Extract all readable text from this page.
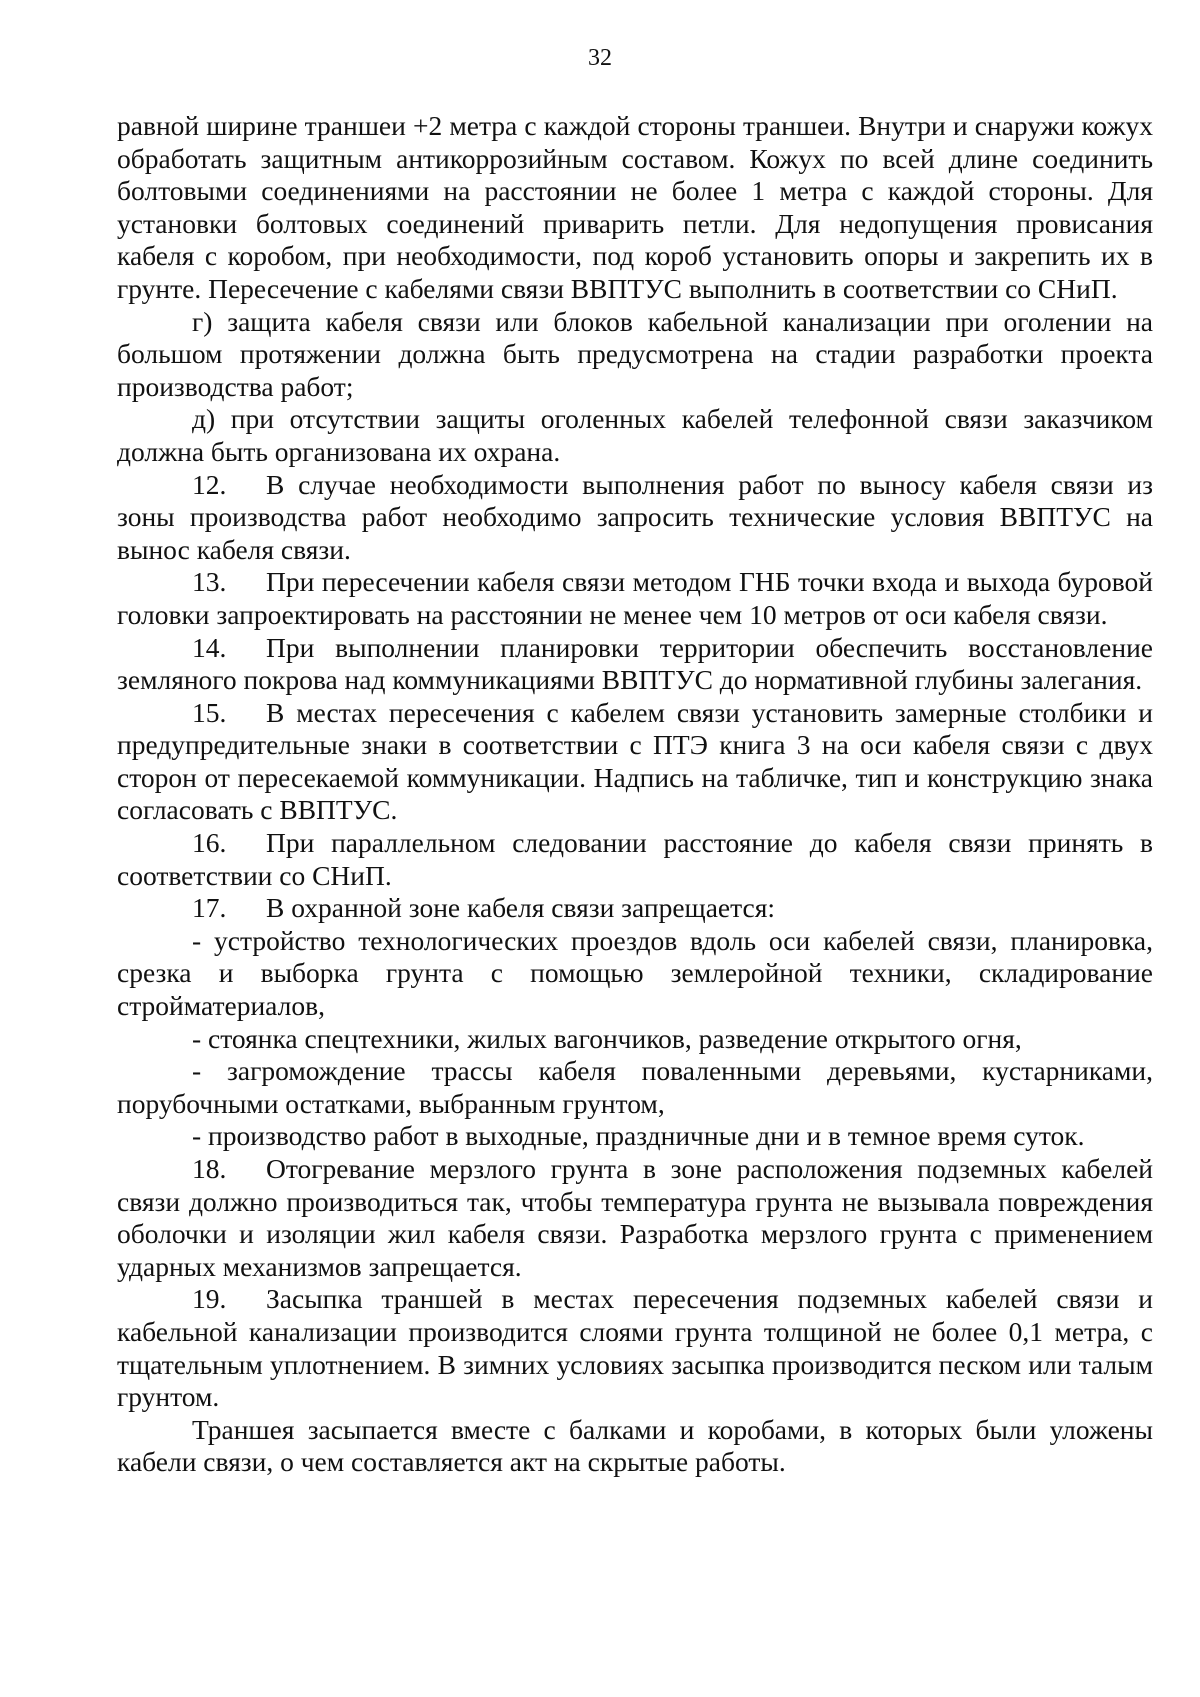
32

равной ширине траншеи +2 метра с каждой стороны траншеи. Внутри и снаружи кожух обработать защитным антикоррозийным составом. Кожух по всей длине соединить болтовыми соединениями на расстоянии не более 1 метра с каждой стороны. Для установки болтовых соединений приварить петли. Для недопущения провисания кабеля с коробом, при необходимости, под короб установить опоры и закрепить их в грунте. Пересечение с кабелями связи ВВПТУС выполнить в соответствии со СНиП.

г) защита кабеля связи или блоков кабельной канализации при оголении на большом протяжении должна быть предусмотрена на стадии разработки проекта производства работ;

д) при отсутствии защиты оголенных кабелей телефонной связи заказчиком должна быть организована их охрана.

12. В случае необходимости выполнения работ по выносу кабеля связи из зоны производства работ необходимо запросить технические условия ВВПТУС на вынос кабеля связи.

13. При пересечении кабеля связи методом ГНБ точки входа и выхода буровой головки запроектировать на расстоянии не менее чем 10 метров от оси кабеля связи.

14. При выполнении планировки территории обеспечить восстановление земляного покрова над коммуникациями ВВПТУС до нормативной глубины залегания.

15. В местах пересечения с кабелем связи установить замерные столбики и предупредительные знаки в соответствии с ПТЭ книга 3 на оси кабеля связи с двух сторон от пересекаемой коммуникации. Надпись на табличке, тип и конструкцию знака согласовать с ВВПТУС.

16. При параллельном следовании расстояние до кабеля связи принять в соответствии со СНиП.

17. В охранной зоне кабеля связи запрещается:

- устройство технологических проездов вдоль оси кабелей связи, планировка, срезка и выборка грунта с помощью землеройной техники, складирование стройматериалов,

- стоянка спецтехники, жилых вагончиков, разведение открытого огня,

- загромождение трассы кабеля поваленными деревьями, кустарниками, порубочными остатками, выбранным грунтом,

- производство работ в выходные, праздничные дни и в темное время суток.

18. Отогревание мерзлого грунта в зоне расположения подземных кабелей связи должно производиться так, чтобы температура грунта не вызывала повреждения оболочки и изоляции жил кабеля связи. Разработка мерзлого грунта с применением ударных механизмов запрещается.

19. Засыпка траншей в местах пересечения подземных кабелей связи и кабельной канализации производится слоями грунта толщиной не более 0,1 метра, с тщательным уплотнением. В зимних условиях засыпка производится песком или талым грунтом.

Траншея засыпается вместе с балками и коробами, в которых были уложены кабели связи, о чем составляется акт на скрытые работы.
